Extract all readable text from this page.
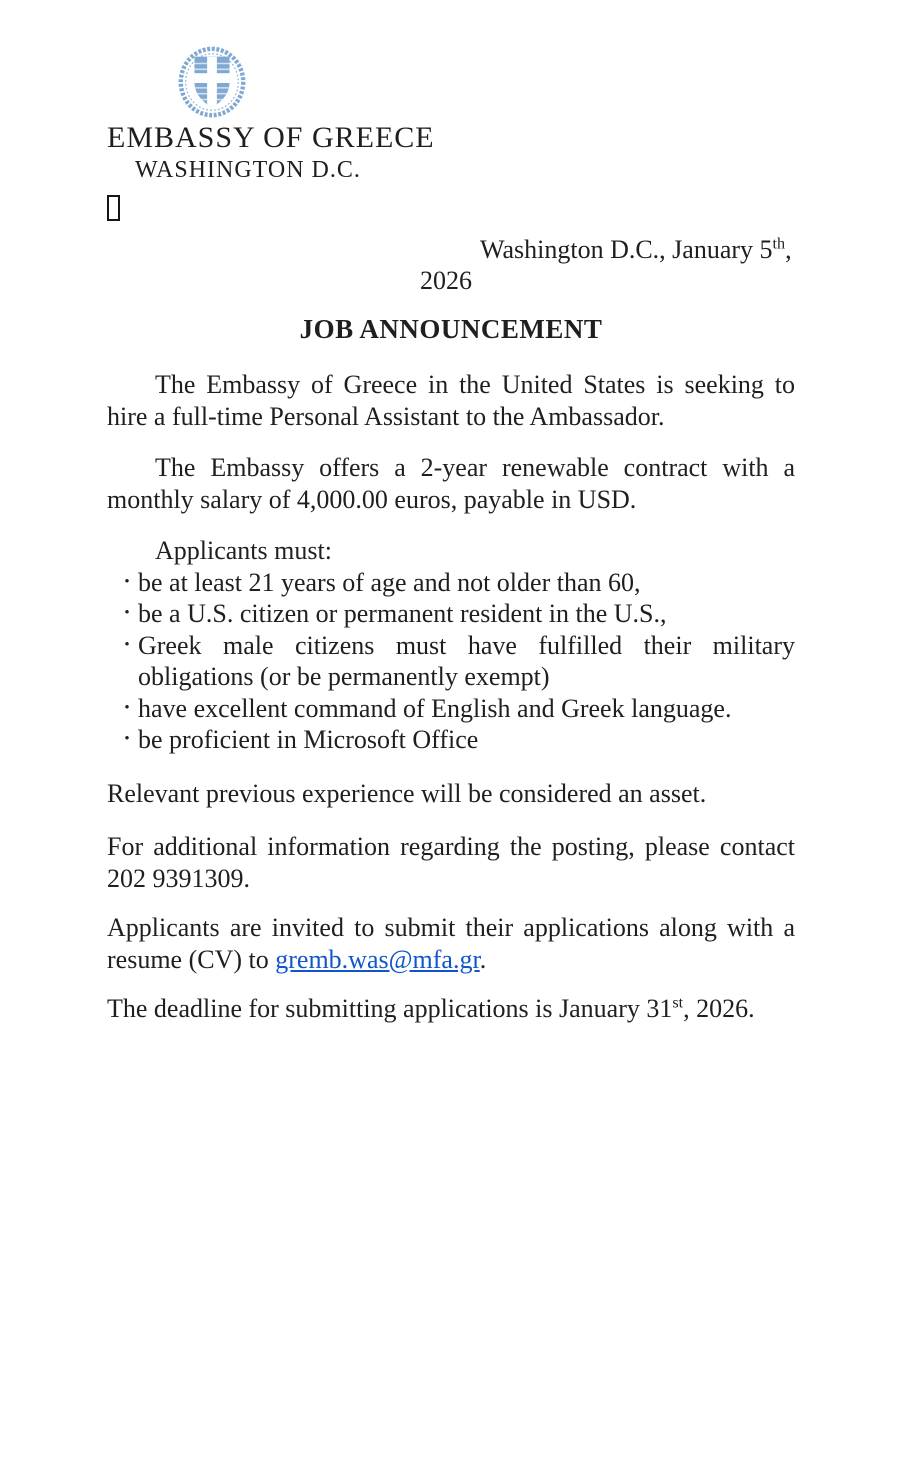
EMBASSY OF GREECE
WASHINGTON D.C.
Washington D.C., January 5th,
2026
JOB ANNOUNCEMENT

The Embassy of Greece in the United States is seeking to hire a full-time Personal Assistant to the Ambassador.

The Embassy offers a 2-year renewable contract with a monthly salary of 4,000.00 euros, payable in USD.

Applicants must:
• be at least 21 years of age and not older than 60,
• be a U.S. citizen or permanent resident in the U.S.,
• Greek male citizens must have fulfilled their military obligations (or be permanently exempt)
• have excellent command of English and Greek language.
• be proficient in Microsoft Office

Relevant previous experience will be considered an asset.

For additional information regarding the posting, please contact 202 9391309.

Applicants are invited to submit their applications along with a resume (CV) to gremb.was@mfa.gr.

The deadline for submitting applications is January 31st, 2026.
